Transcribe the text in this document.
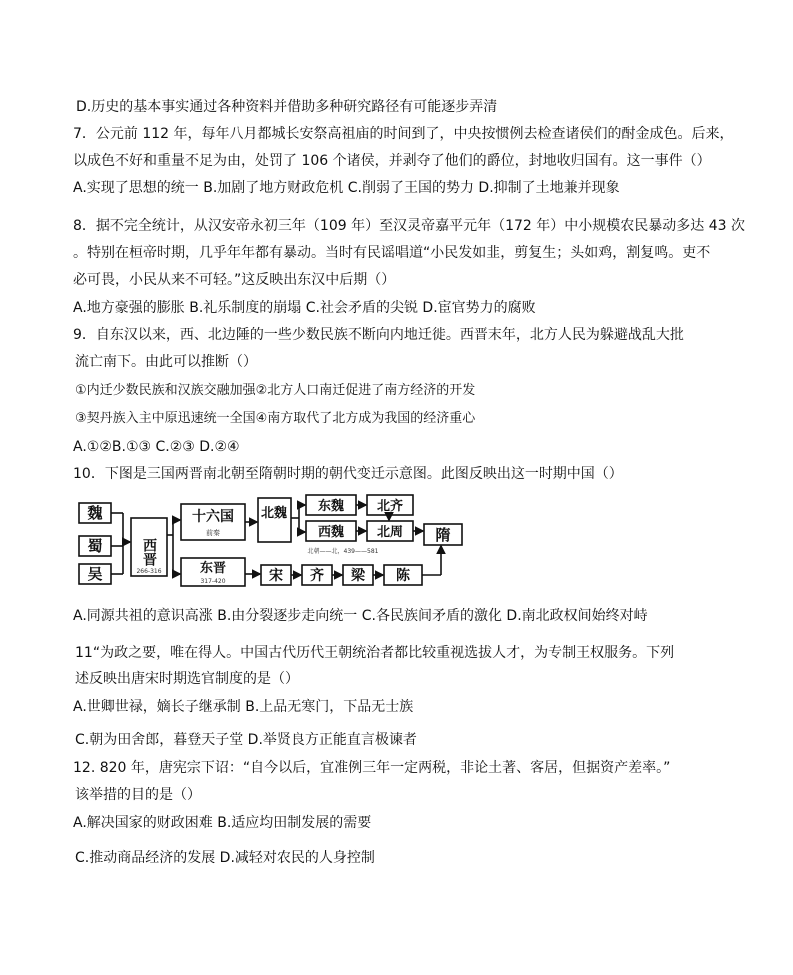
D.历史的基本事实通过各种资料并借助多种研究路径有可能逐步弄清
7．公元前 112 年，每年八月都城长安祭高祖庙的时间到了，中央按惯例去检查诸侯们的酎金成色。后来，
以成色不好和重量不足为由，处罚了 106 个诸侯，并剥夺了他们的爵位，封地收归国有。这一事件（）
A.实现了思想的统一 B.加剧了地方财政危机 C.削弱了王国的势力 D.抑制了土地兼并现象
8．据不完全统计，从汉安帝永初三年（109 年）至汉灵帝嘉平元年（172 年）中小规模农民暴动多达 43 次
。特别在桓帝时期，几乎年年都有暴动。当时有民谣唱道“小民发如韭，剪复生；头如鸡，割复鸣。吏不
必可畏，小民从来不可轻。”这反映出东汉中后期（）
A.地方豪强的膨胀 B.礼乐制度的崩塌 C.社会矛盾的尖锐 D.宦官势力的腐败
9．自东汉以来，西、北边陲的一些少数民族不断向内地迁徙。西晋末年，北方人民为躲避战乱大批
流亡南下。由此可以推断（）
①内迁少数民族和汉族交融加强②北方人口南迁促进了南方经济的开发
③契丹族入主中原迅速统一全国④南方取代了北方成为我国的经济重心
A.①②B.①③ C.②③ D.②④
10．下图是三国两晋南北朝至隋朝时期的朝代变迁示意图。此图反映出这一时期中国（）
魏
蜀
吴
西晋
十六国 北魏 东魏	北齐
西魏	北周 隋
东晋	宋 齐 梁 陈
266-316
前秦
北朝——北，439——581
317-420
A.同源共祖的意识高涨 B.由分裂逐步走向统一 C.各民族间矛盾的激化 D.南北政权间始终对峙
11“为政之要，唯在得人。中国古代历代王朝统治者都比较重视选拔人才，为专制王权服务。下列
述反映出唐宋时期选官制度的是（）
A.世卿世禄，嫡长子继承制 B.上品无寒门，下品无士族
C.朝为田舍郎，暮登天子堂 D.举贤良方正能直言极谏者
12. 820 年，唐宪宗下诏：“自今以后，宜准例三年一定两税，非论土著、客居，但据资产差率。”
该举措的目的是（）
A.解决国家的财政困难 B.适应均田制发展的需要
C.推动商品经济的发展 D.减轻对农民的人身控制
